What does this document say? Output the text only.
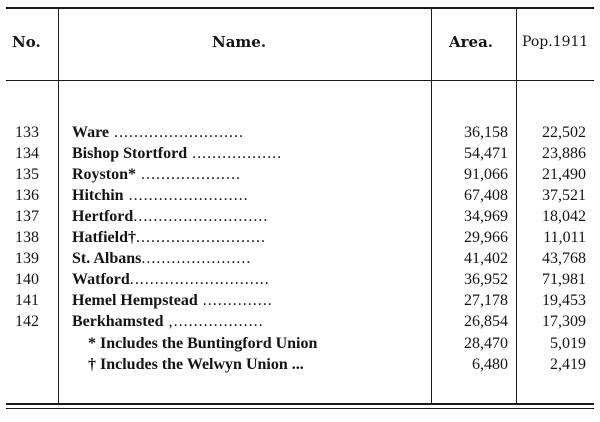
No.	Name.	Area. Pop.1911
133 Ware ..........................	36,158	22,502
134 Bishop Stortford ..................	54,471	23,886
135 Royston* ....................	91,066	21,490
136 Hitchin ........................	67,408	37,521
137 Hertford...........................	34,969	18,042
138 Hatfield†..........................	29,966	11,011
139 St. Albans......................	41,402	43,768
140 Watford............................	36,952	71,981
141 Hemel Hempstead ..............	27,178	19,453
142 Berkhamsted ,..................	26,854	17,309
* Includes the Buntingford Union	28,470	5,019
† Includes the Welwyn Union ...	6,480	2,419
